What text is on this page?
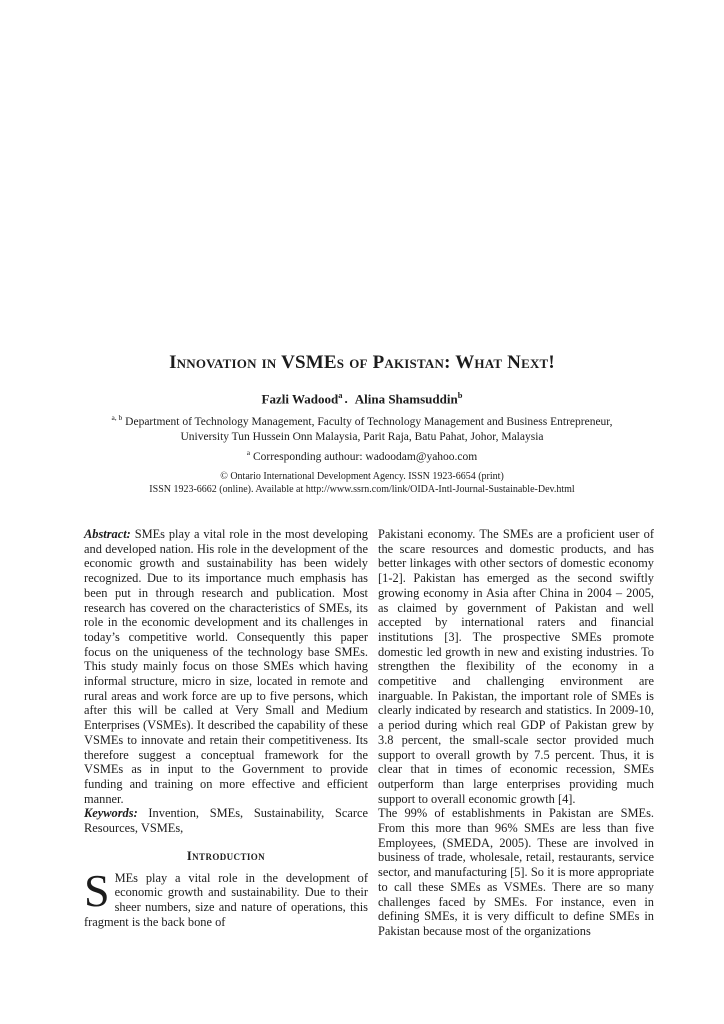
Innovation in VSMEs of Pakistan: What Next!
Fazli Wadood$^a$ . Alina Shamsuddin$^b$
$^{a, b}$ Department of Technology Management, Faculty of Technology Management and Business Entrepreneur,
University Tun Hussein Onn Malaysia, Parit Raja, Batu Pahat, Johor, Malaysia
$^a$ Corresponding authour: wadoodam@yahoo.com
© Ontario International Development Agency. ISSN 1923-6654 (print)
ISSN 1923-6662 (online). Available at http://www.ssrn.com/link/OIDA-Intl-Journal-Sustainable-Dev.html

Abstract: SMEs play a vital role in the most developing and developed nation. His role in the development of the economic growth and sustainability has been widely recognized. Due to its importance much emphasis has been put in through research and publication. Most research has covered on the characteristics of SMEs, its role in the economic development and its challenges in today’s competitive world. Consequently this paper focus on the uniqueness of the technology base SMEs. This study mainly focus on those SMEs which having informal structure, micro in size, located in remote and rural areas and work force are up to five persons, which after this will be called at Very Small and Medium Enterprises (VSMEs). It described the capability of these VSMEs to innovate and retain their competitiveness. Its therefore suggest a conceptual framework for the VSMEs as in input to the Government to provide funding and training on more effective and efficient manner.

Keywords: Invention, SMEs, Sustainability, Scarce Resources, VSMEs,

Introduction

S MEs play a vital role in the development of economic growth and sustainability. Due to their sheer numbers, size and nature of operations, this fragment is the back bone of

Pakistani economy. The SMEs are a proficient user of the scare resources and domestic products, and has better linkages with other sectors of domestic economy [1-2]. Pakistan has emerged as the second swiftly growing economy in Asia after China in 2004 – 2005, as claimed by government of Pakistan and well accepted by international raters and financial institutions [3]. The prospective SMEs promote domestic led growth in new and existing industries. To strengthen the flexibility of the economy in a competitive and challenging environment are inarguable. In Pakistan, the important role of SMEs is clearly indicated by research and statistics. In 2009-10, a period during which real GDP of Pakistan grew by 3.8 percent, the small-scale sector provided much support to overall growth by 7.5 percent. Thus, it is clear that in times of economic recession, SMEs outperform than large enterprises providing much support to overall economic growth [4].

The 99% of establishments in Pakistan are SMEs. From this more than 96% SMEs are less than five Employees, (SMEDA, 2005). These are involved in business of trade, wholesale, retail, restaurants, service sector, and manufacturing [5]. So it is more appropriate to call these SMEs as VSMEs. There are so many challenges faced by SMEs. For instance, even in defining SMEs, it is very difficult to define SMEs in Pakistan because most of the organizations
